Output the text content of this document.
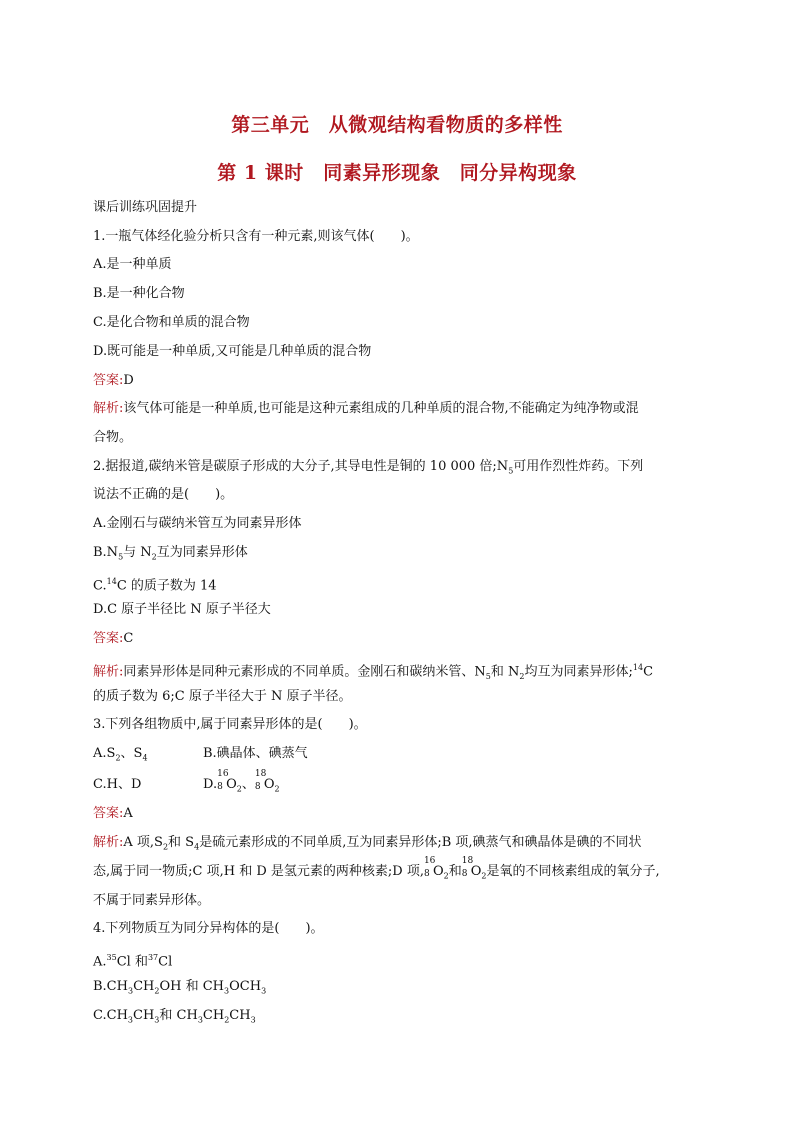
第三单元　从微观结构看物质的多样性
第 1 课时　同素异形现象　同分异构现象
课后训练巩固提升
1.一瓶气体经化验分析只含有一种元素,则该气体(　　)。
A.是一种单质
B.是一种化合物
C.是化合物和单质的混合物
D.既可能是一种单质,又可能是几种单质的混合物
答案:D
解析:该气体可能是一种单质,也可能是这种元素组成的几种单质的混合物,不能确定为纯净物或混
合物。
2.据报道,碳纳米管是碳原子形成的大分子,其导电性是铜的 10 000 倍$;N_5$可用作烈性炸药。下列
说法不正确的是(　　)。
A.金刚石与碳纳米管互为同素异形体
$B.N_5$与 $N_2$互为同素异形体
C.$^{14}$C 的质子数为 14
D.C 原子半径比 N 原子半径大
答案:C
解析:同素异形体是同种元素形成的不同单质。金刚石和碳纳米管、$N_5$和 $N_2$均互为同素异形体;$^{14}$C
的质子数为 6;C 原子半径大于 N 原子半径。
3.下列各组物质中,属于同素异形体的是(　　)。
$A.S_2$、$S_4$	B.碘晶体、碘蒸气
C.H、D	D.
16
8 $O_2$、
18
8 $O_2$
答案:A
解析:A 项$,S_2$和 $S_4$是硫元素形成的不同单质,互为同素异形体;B 项,碘蒸气和碘晶体是碘的不同状
态,属于同一物质;C 项,H 和 D 是氢元素的两种核素;D 项,
16
8 $O_2$和
18
8 $O_2$是氧的不同核素组成的氧分子,
不属于同素异形体。
4.下列物质互为同分异构体的是(　　)。
A.$^{35}$Cl 和$^{37}$Cl
$B.CH_3CH_2OH$ 和 $CH_3OCH_3$
$C.CH_3CH_3$和 $CH_3CH_2CH_3$
